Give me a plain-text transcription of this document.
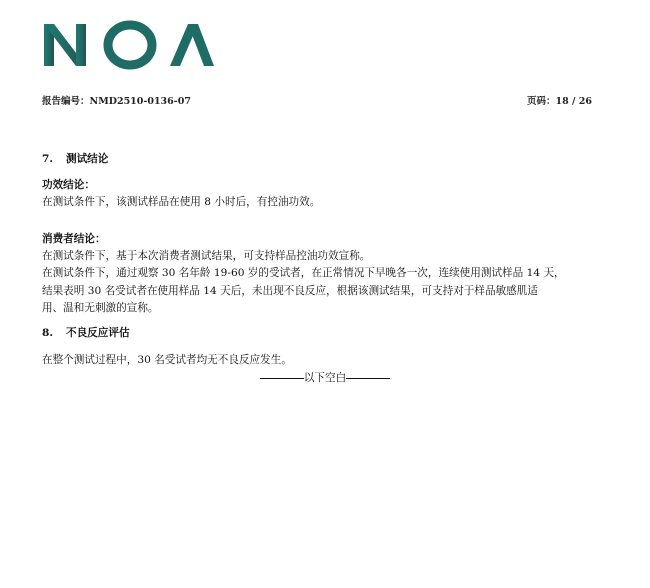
报告编号：NMD2510-0136-07	页码：18 / 26
7. 测试结论
功效结论：
在测试条件下，该测试样品在使用 8 小时后，有控油功效。
消费者结论：
在测试条件下，基于本次消费者测试结果，可支持样品控油功效宣称。
在测试条件下，通过观察 30 名年龄 19-60 岁的受试者，在正常情况下早晚各一次，连续使用测试样品 14 天，
结果表明 30 名受试者在使用样品 14 天后，未出现不良反应，根据该测试结果，可支持对于样品敏感肌适
用、温和无刺激的宣称。
8. 不良反应评估
在整个测试过程中，30 名受试者均无不良反应发生。
以下空白
